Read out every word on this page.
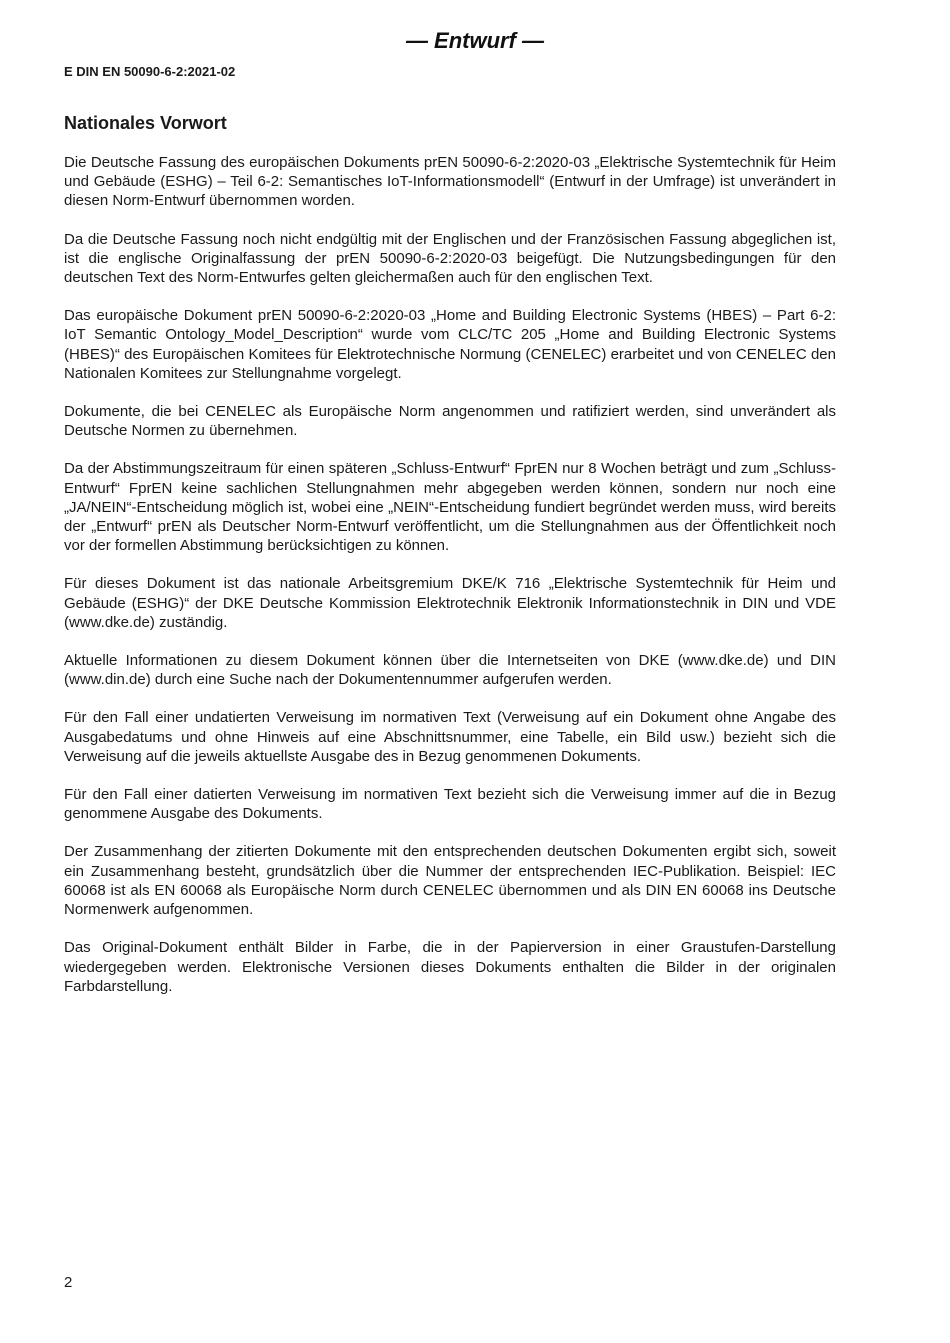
— Entwurf —
E DIN EN 50090-6-2:2021-02
Nationales Vorwort

Die Deutsche Fassung des europäischen Dokuments prEN 50090-6-2:2020-03 „Elektrische Systemtechnik für Heim und Gebäude (ESHG) – Teil 6-2: Semantisches IoT-Informationsmodell“ (Entwurf in der Umfrage) ist unverändert in diesen Norm-Entwurf übernommen worden.

Da die Deutsche Fassung noch nicht endgültig mit der Englischen und der Französischen Fassung abgeglichen ist, ist die englische Originalfassung der prEN 50090-6-2:2020-03 beigefügt. Die Nutzungsbedingungen für den deutschen Text des Norm-Entwurfes gelten gleichermaßen auch für den englischen Text.

Das europäische Dokument prEN 50090-6-2:2020-03 „Home and Building Electronic Systems (HBES) – Part 6-2: IoT Semantic Ontology_Model_Description“ wurde vom CLC/TC 205 „Home and Building Electronic Systems (HBES)“ des Europäischen Komitees für Elektrotechnische Normung (CENELEC) erarbeitet und von CENELEC den Nationalen Komitees zur Stellungnahme vorgelegt.

Dokumente, die bei CENELEC als Europäische Norm angenommen und ratifiziert werden, sind unverändert als Deutsche Normen zu übernehmen.

Da der Abstimmungszeitraum für einen späteren „Schluss-Entwurf“ FprEN nur 8 Wochen beträgt und zum „Schluss-Entwurf“ FprEN keine sachlichen Stellungnahmen mehr abgegeben werden können, sondern nur noch eine „JA/NEIN“-Entscheidung möglich ist, wobei eine „NEIN“-Entscheidung fundiert begründet werden muss, wird bereits der „Entwurf“ prEN als Deutscher Norm-Entwurf veröffentlicht, um die Stellungnahmen aus der Öffentlichkeit noch vor der formellen Abstimmung berücksichtigen zu können.

Für dieses Dokument ist das nationale Arbeitsgremium DKE/K 716 „Elektrische Systemtechnik für Heim und Gebäude (ESHG)“ der DKE Deutsche Kommission Elektrotechnik Elektronik Informationstechnik in DIN und VDE (www.dke.de) zuständig.

Aktuelle Informationen zu diesem Dokument können über die Internetseiten von DKE (www.dke.de) und DIN (www.din.de) durch eine Suche nach der Dokumentennummer aufgerufen werden.

Für den Fall einer undatierten Verweisung im normativen Text (Verweisung auf ein Dokument ohne Angabe des Ausgabedatums und ohne Hinweis auf eine Abschnittsnummer, eine Tabelle, ein Bild usw.) bezieht sich die Verweisung auf die jeweils aktuellste Ausgabe des in Bezug genommenen Dokuments.

Für den Fall einer datierten Verweisung im normativen Text bezieht sich die Verweisung immer auf die in Bezug genommene Ausgabe des Dokuments.

Der Zusammenhang der zitierten Dokumente mit den entsprechenden deutschen Dokumenten ergibt sich, soweit ein Zusammenhang besteht, grundsätzlich über die Nummer der entsprechenden IEC-Publikation. Beispiel: IEC 60068 ist als EN 60068 als Europäische Norm durch CENELEC übernommen und als DIN EN 60068 ins Deutsche Normenwerk aufgenommen.

Das Original-Dokument enthält Bilder in Farbe, die in der Papierversion in einer Graustufen-Darstellung wiedergegeben werden. Elektronische Versionen dieses Dokuments enthalten die Bilder in der originalen Farbdarstellung.

2
